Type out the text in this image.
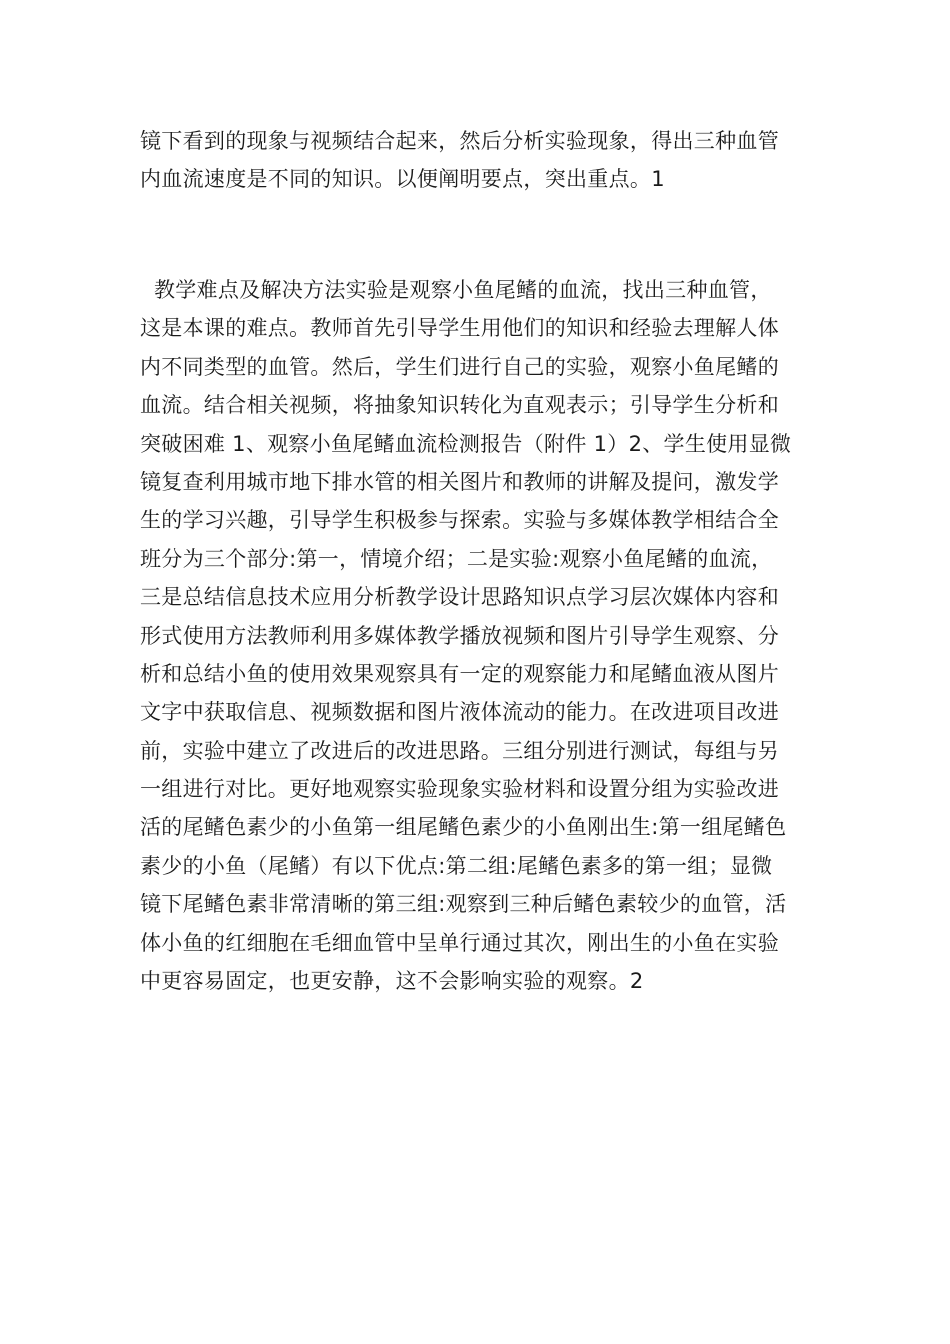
镜下看到的现象与视频结合起来，然后分析实验现象，得出三种血管
内血流速度是不同的知识。以便阐明要点，突出重点。1
教学难点及解决方法实验是观察小鱼尾鳍的血流，找出三种血管，
这是本课的难点。教师首先引导学生用他们的知识和经验去理解人体
内不同类型的血管。然后，学生们进行自己的实验，观察小鱼尾鳍的
血流。结合相关视频，将抽象知识转化为直观表示；引导学生分析和
突破困难 1、观察小鱼尾鳍血流检测报告（附件 1）2、学生使用显微
镜复查利用城市地下排水管的相关图片和教师的讲解及提问，激发学
生的学习兴趣，引导学生积极参与探索。实验与多媒体教学相结合全
班分为三个部分:第一，情境介绍；二是实验:观察小鱼尾鳍的血流，
三是总结信息技术应用分析教学设计思路知识点学习层次媒体内容和
形式使用方法教师利用多媒体教学播放视频和图片引导学生观察、分
析和总结小鱼的使用效果观察具有一定的观察能力和尾鳍血液从图片
文字中获取信息、视频数据和图片液体流动的能力。在改进项目改进
前，实验中建立了改进后的改进思路。三组分别进行测试，每组与另
一组进行对比。更好地观察实验现象实验材料和设置分组为实验改进
活的尾鳍色素少的小鱼第一组尾鳍色素少的小鱼刚出生:第一组尾鳍色
素少的小鱼（尾鳍）有以下优点:第二组:尾鳍色素多的第一组；显微
镜下尾鳍色素非常清晰的第三组:观察到三种后鳍色素较少的血管，活
体小鱼的红细胞在毛细血管中呈单行通过其次，刚出生的小鱼在实验
中更容易固定，也更安静，这不会影响实验的观察。2
